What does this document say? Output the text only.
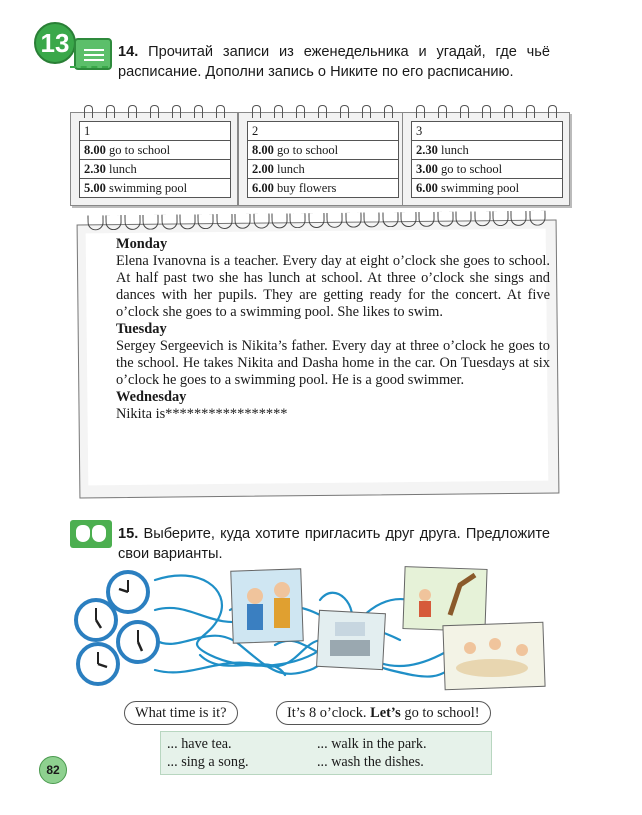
13	14. Прочитай записи из еженедельника и угадай, где чьё расписание. Дополни запись о Никите по его расписанию.
1
8.00 go to school
2.30 lunch
5.00 swimming pool
2
8.00 go to school
2.00 lunch
6.00 buy flowers
3
2.30 lunch
3.00 go to school
6.00 swimming pool

Monday

Elena Ivanovna is a teacher. Every day at eight o’clock she goes to school. At half past two she has lunch at school. At three o’clock she sings and dances with her pupils. They are getting ready for the concert. At five o’clock she goes to a swimming pool. She likes to swim.

Tuesday

Sergey Sergeevich is Nikita’s father. Every day at three o’clock he goes to the school. He takes Nikita and Dasha home in the car. On Tuesdays at six o’clock he goes to a swimming pool. He is a good swimmer.

Wednesday

Nikita is*****************

15. Выберите, куда хотите пригласить друг друга. Предложите свои варианты.
What time is it?	It’s 8 o’clock. Let’s go to school!
... have tea.	... walk in the park.
... sing a song.	... wash the dishes.
82
